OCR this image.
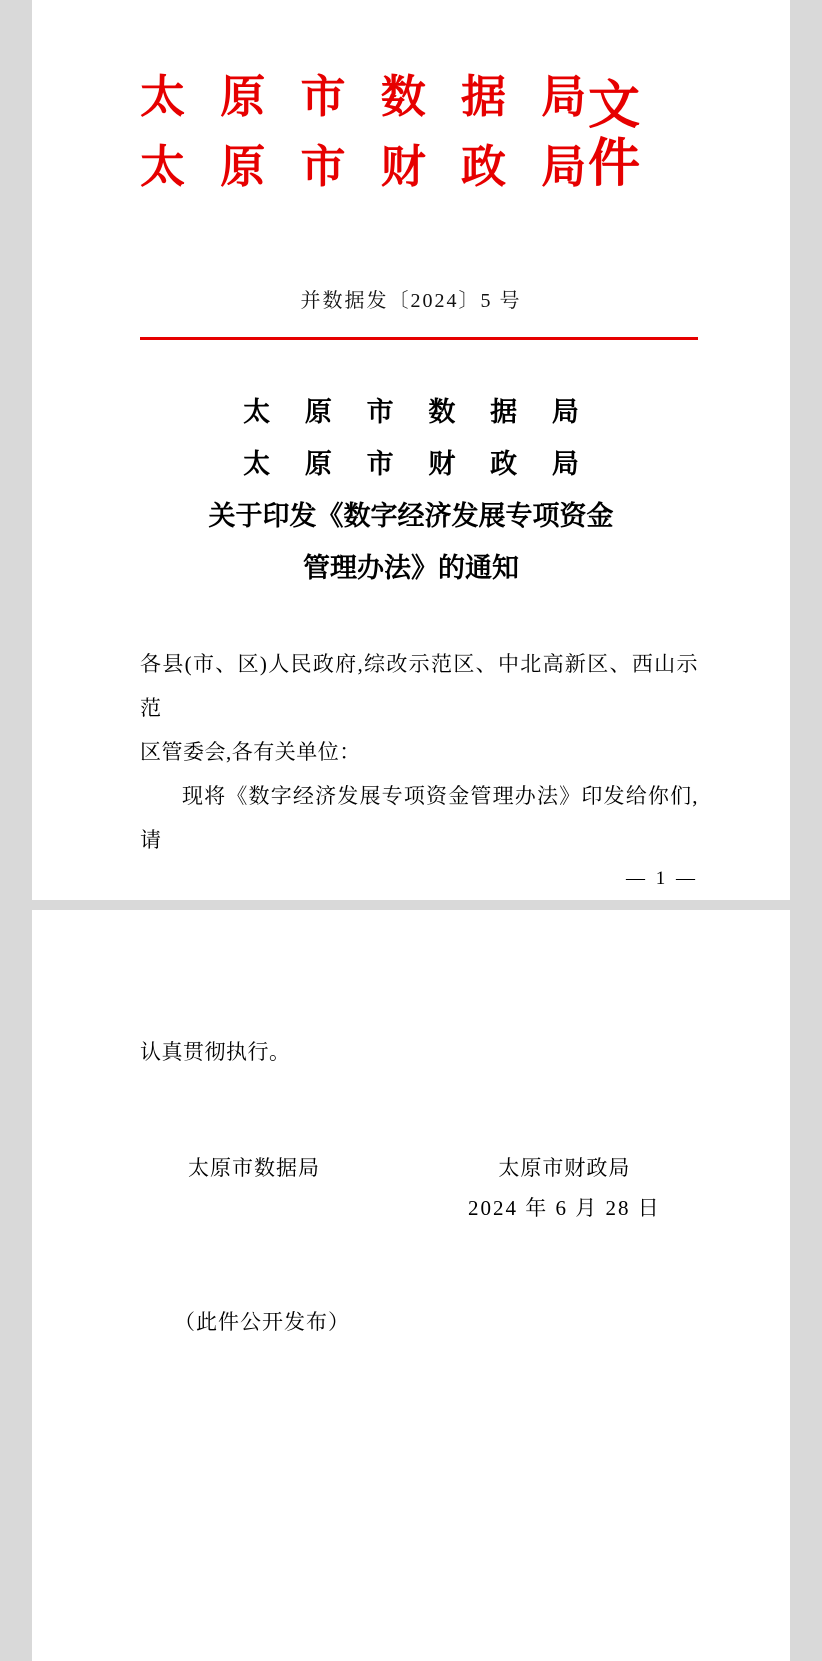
太 原 市 数 据 局
太 原 市 财 政 局
文件
并数据发〔2024〕5 号
太 原 市 数 据 局
太 原 市 财 政 局
关于印发《数字经济发展专项资金
管理办法》的通知
各县(市、区)人民政府,综改示范区、中北高新区、西山示范
区管委会,各有关单位：
现将《数字经济发展专项资金管理办法》印发给你们,请
— 1 —
认真贯彻执行。
太原市数据局	太原市财政局
2024 年 6 月 28 日
（此件公开发布）
